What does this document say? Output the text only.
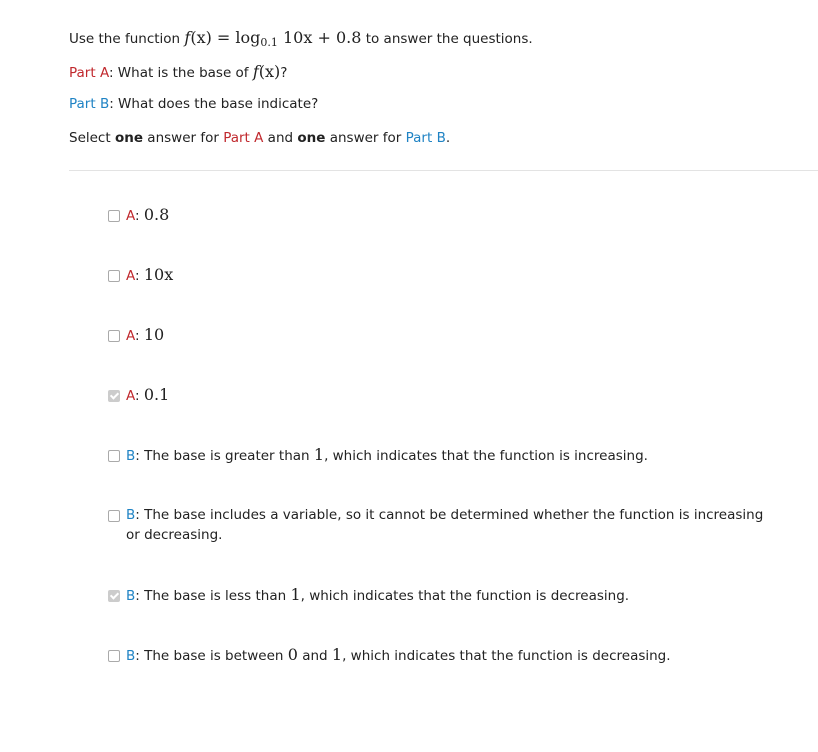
Use the function $f(x) = \log_{0.1} 10x + 0.8$ to answer the questions.
Part A: What is the base of f(x)?
Part B: What does the base indicate?
Select one answer for Part A and one answer for Part B.
A: 0.8
A: 10x
A: 10
A: 0.1
B: The base is greater than 1, which indicates that the function is increasing.
B: The base includes a variable, so it cannot be determined whether the function is increasing or decreasing.
B: The base is less than 1, which indicates that the function is decreasing.
B: The base is between 0 and 1, which indicates that the function is decreasing.
